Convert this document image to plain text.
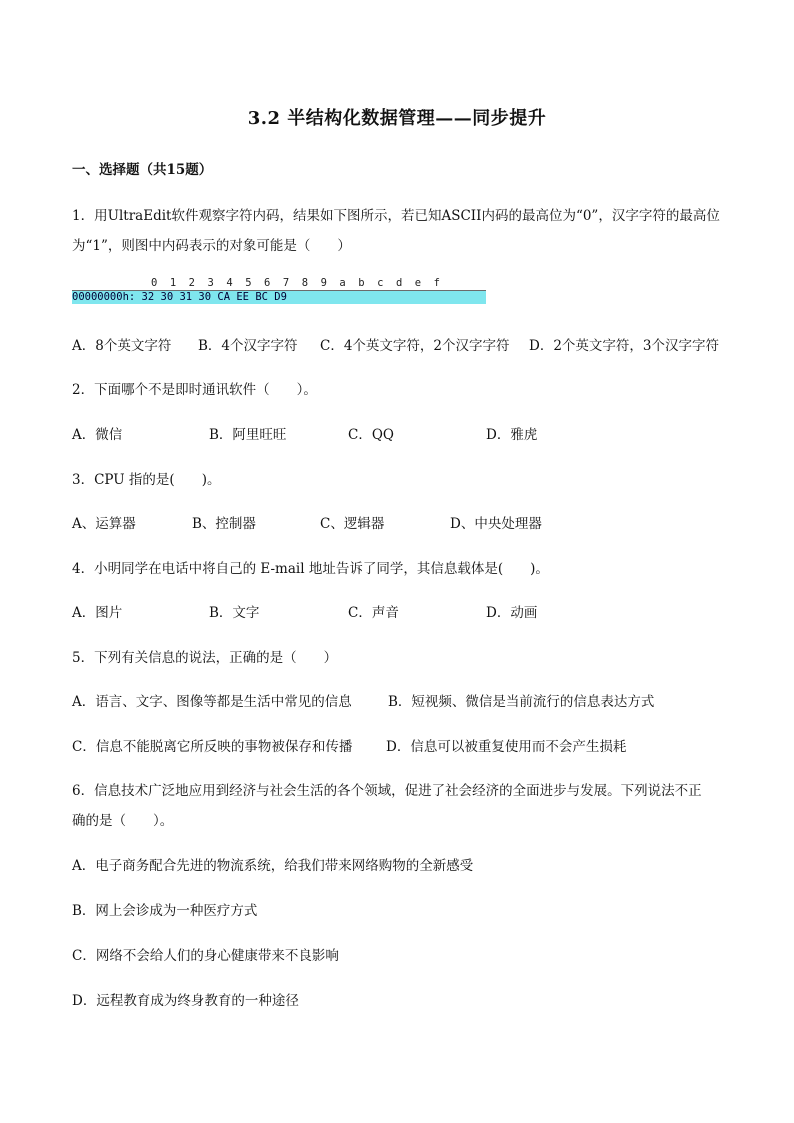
3.2 半结构化数据管理——同步提升
一、选择题（共15题）
1．用UltraEdit软件观察字符内码，结果如下图所示，若已知ASCII内码的最高位为“0”，汉字字符的最高位
为“1”，则图中内码表示的对象可能是（　　）
0 1 2 3 4 5 6 7 8 9 a b c d e f
00000000h: 32 30 31 30 CA EE BC D9
A．8个英文字符 B．4个汉字字符 C．4个英文字符，2个汉字字符 D．2个英文字符，3个汉字字符
2．下面哪个不是即时通讯软件（　　）。
A．微信	B．阿里旺旺	C．QQ	D．雅虎
3．CPU 指的是(　　)。
A、运算器	B、控制器	C、逻辑器	D、中央处理器
4．小明同学在电话中将自己的 E-mail 地址告诉了同学，其信息载体是(　　)。
A．图片	B．文字	C．声音	D．动画
5．下列有关信息的说法，正确的是（　　）
A．语言、文字、图像等都是生活中常见的信息	B．短视频、微信是当前流行的信息表达方式
C．信息不能脱离它所反映的事物被保存和传播 D．信息可以被重复使用而不会产生损耗
6．信息技术广泛地应用到经济与社会生活的各个领域，促进了社会经济的全面进步与发展。下列说法不正
确的是（　　）。
A．电子商务配合先进的物流系统，给我们带来网络购物的全新感受
B．网上会诊成为一种医疗方式
C．网络不会给人们的身心健康带来不良影响
D．远程教育成为终身教育的一种途径
